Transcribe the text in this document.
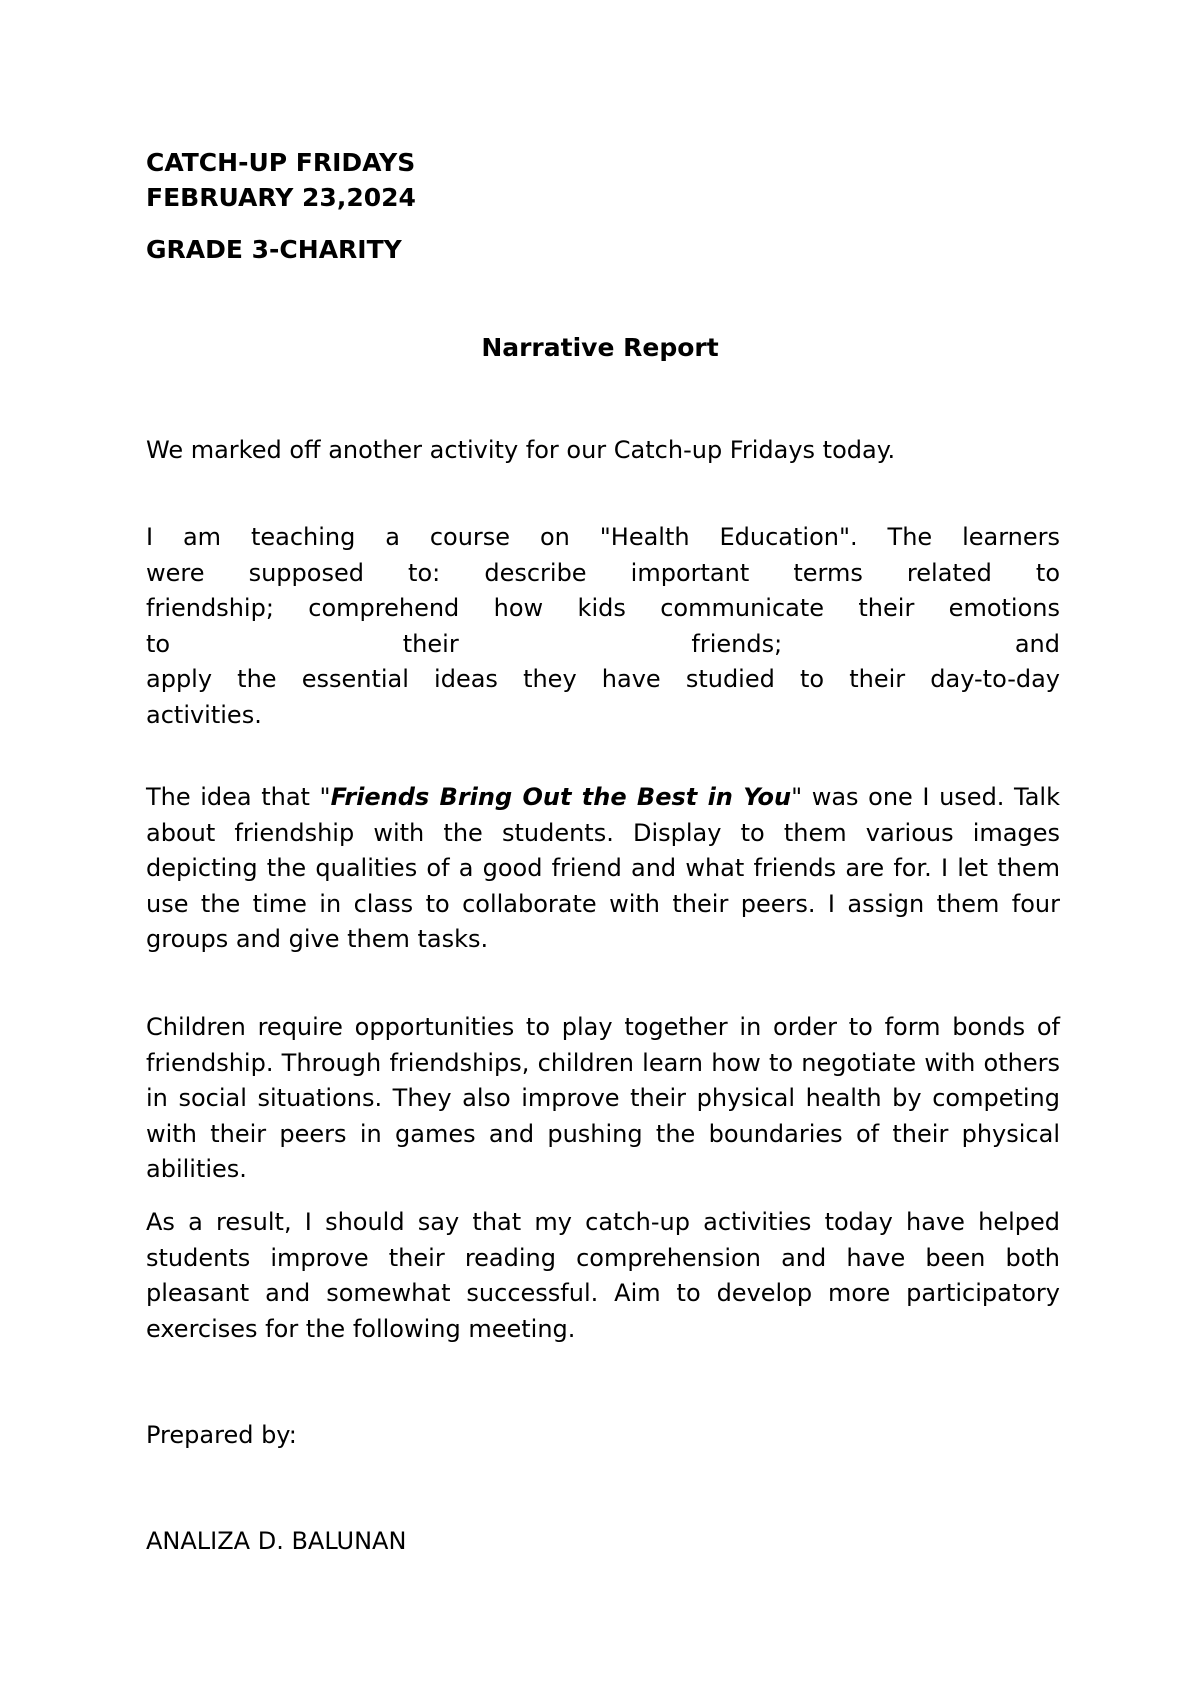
CATCH-UP FRIDAYS
FEBRUARY 23,2024
GRADE 3-CHARITY
Narrative Report

We marked off another activity for our Catch-up Fridays today.

I am teaching a course on "Health Education". The learners
were supposed to: describe important terms related to
friendship; comprehend how kids communicate their emotions
to their friends; and
apply the essential ideas they have studied to their day-to-day
activities.

The idea that "Friends Bring Out the Best in You" was one I used. Talk about friendship with the students. Display to them various images depicting the qualities of a good friend and what friends are for. I let them use the time in class to collaborate with their peers. I assign them four groups and give them tasks.

Children require opportunities to play together in order to form bonds of friendship. Through friendships, children learn how to negotiate with others in social situations. They also improve their physical health by competing with their peers in games and pushing the boundaries of their physical abilities.

As a result, I should say that my catch-up activities today have helped students improve their reading comprehension and have been both pleasant and somewhat successful. Aim to develop more participatory exercises for the following meeting.

Prepared by:
ANALIZA D. BALUNAN
